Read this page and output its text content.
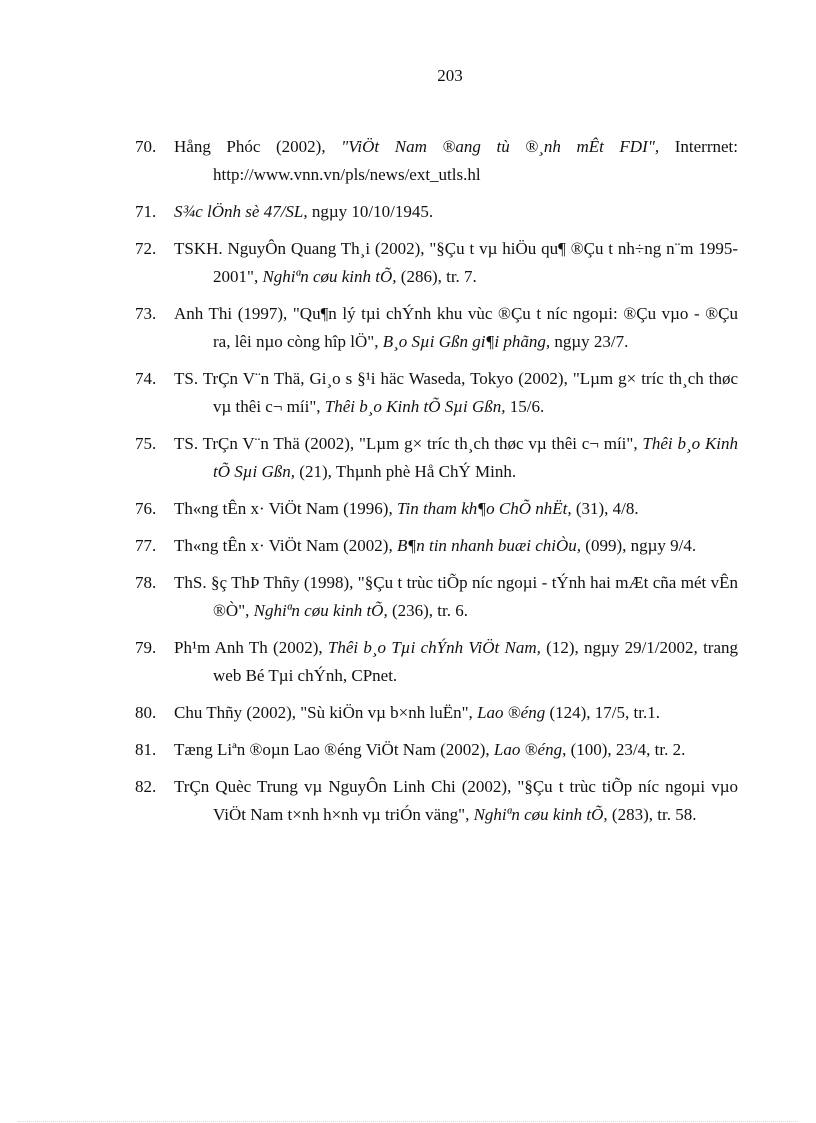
203
70. Hång Phóc (2002), "ViÖt Nam ®ang tù ®¸nh mÊt FDI", Interrnet: http://www.vnn.vn/pls/news/ext_utls.hl
71. S¾c lÖnh sè 47/SL, ngµy 10/10/1945.
72. TSKH. NguyÔn Quang Th¸i (2002), "§Çu t vµ hiÖu qu¶ ®Çu t nh÷ng n¨m 1995-2001", Nghiªn cøu kinh tÕ, (286), tr. 7.
73. Anh Thi (1997), "Qu¶n lý tµi chÝnh khu vùc ®Çu t níc ngoµi: ®Çu vµo - ®Çu ra, lêi nµo còng hîp lÖ", B¸o Sµi Gßn gi¶i phãng, ngµy 23/7.
74. TS. TrÇn V¨n Thä, Gi¸o s §¹i häc Waseda, Tokyo (2002), "Lµm g× tríc th¸ch thøc vµ thêi c¬ míi", Thêi b¸o Kinh tÕ Sµi Gßn, 15/6.
75. TS. TrÇn V¨n Thä (2002), "Lµm g× tríc th¸ch thøc vµ thêi c¬ míi", Thêi b¸o Kinh tÕ Sµi Gßn, (21), Thµnh phè Hå ChÝ Minh.
76. Th«ng tÊn x· ViÖt Nam (1996), Tin tham kh¶o ChÕ nhËt, (31), 4/8.
77. Th«ng tÊn x· ViÖt Nam (2002), B¶n tin nhanh buæi chiÒu, (099), ngµy 9/4.
78. ThS. §ç ThÞ Thñy (1998), "§Çu t trùc tiÕp níc ngoµi - tÝnh hai mÆt cña mét vÊn ®Ò", Nghiªn cøu kinh tÕ, (236), tr. 6.
79. Ph¹m Anh Th (2002), Thêi b¸o Tµi chÝnh ViÖt Nam, (12), ngµy 29/1/2002, trang web Bé Tµi chÝnh, CPnet.
80. Chu Thñy (2002), "Sù kiÖn vµ b×nh luËn", Lao ®éng (124), 17/5, tr.1.
81. Tæng Liªn ®oµn Lao ®éng ViÖt Nam (2002), Lao ®éng, (100), 23/4, tr. 2.
82. TrÇn Quèc Trung vµ NguyÔn Linh Chi (2002), "§Çu t trùc tiÕp níc ngoµi vµo ViÖt Nam t×nh h×nh vµ triÓn väng", Nghiªn cøu kinh tÕ, (283), tr. 58.
